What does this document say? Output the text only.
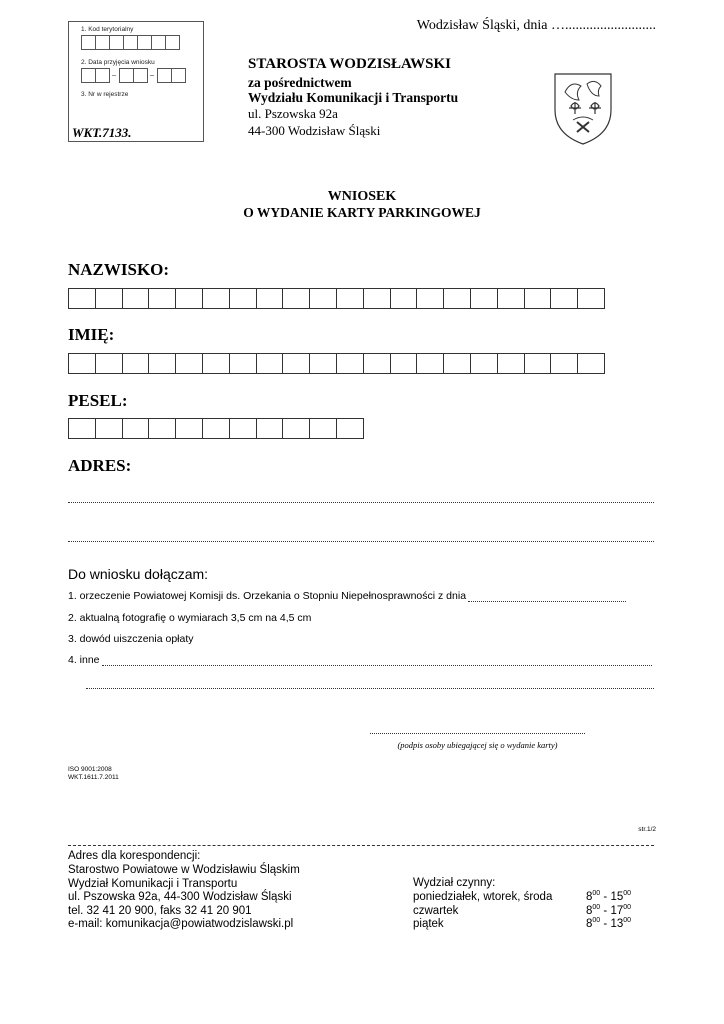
1. Kod terytorialny
2. Data przyjęcia wniosku
–	–
3. Nr w rejestrze
WKT.7133.
Wodzisław Śląski, dnia …..........................
STAROSTA WODZISŁAWSKI
za pośrednictwem
Wydziału Komunikacji i Transportu
ul. Pszowska 92a
44-300 Wodzisław Śląski
WNIOSEK
O WYDANIE KARTY PARKINGOWEJ
NAZWISKO:
IMIĘ:
PESEL:
ADRES:
Do wniosku dołączam:
1. orzeczenie Powiatowej Komisji ds. Orzekania o Stopniu Niepełnosprawności z dnia
2. aktualną fotografię o wymiarach 3,5 cm na 4,5 cm
3. dowód uiszczenia opłaty
4. inne
(podpis osoby ubiegającej się o wydanie karty)
ISO 9001:2008
WKT.1611.7.2011
str.1/2
Adres dla korespondencji:
Starostwo Powiatowe w Wodzisławiu Śląskim
Wydział Komunikacji i Transportu
ul. Pszowska 92a, 44-300 Wodzisław Śląski
tel. 32 41 20 900, faks 32 41 20 901
e-mail: komunikacja@powiatwodzislawski.pl
Wydział czynny:
poniedziałek, wtorek, środa	$8^{00} - 15^{00}$
czwartek	$8^{00} - 17^{00}$
piątek	$8^{00} - 13^{00}$
